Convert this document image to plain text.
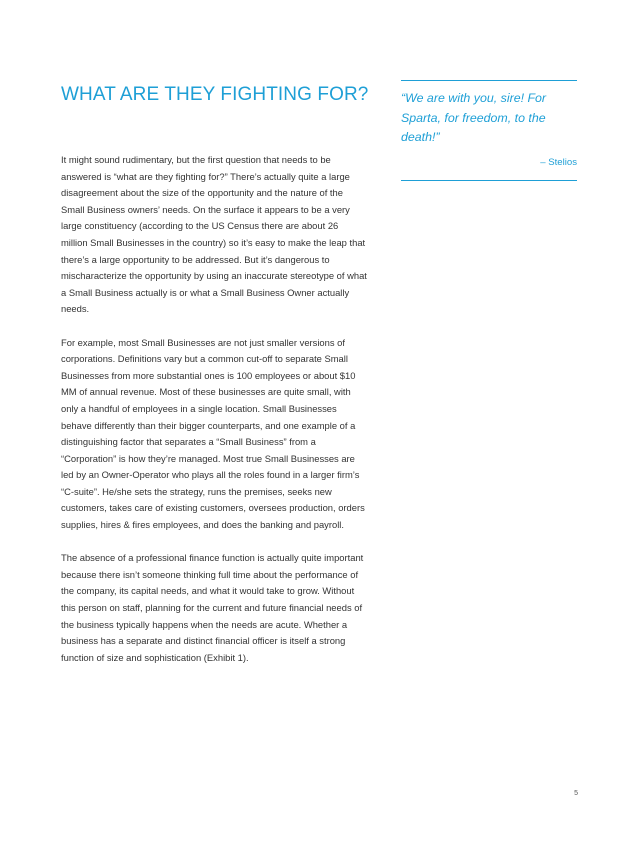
WHAT ARE THEY FIGHTING FOR?

It might sound rudimentary, but the first question that needs to be answered is “what are they fighting for?” There’s actually quite a large disagreement about the size of the opportunity and the nature of the Small Business owners’ needs. On the surface it appears to be a very large constituency (according to the US Census there are about 26 million Small Businesses in the country) so it’s easy to make the leap that there’s a large opportunity to be addressed. But it’s dangerous to mischaracterize the opportunity by using an inaccurate stereotype of what a Small Business actually is or what a Small Business Owner actually needs.

For example, most Small Businesses are not just smaller versions of corporations. Definitions vary but a common cut-off to separate Small Businesses from more substantial ones is 100 employees or about $10 MM of annual revenue. Most of these businesses are quite small, with only a handful of employees in a single location. Small Businesses behave differently than their bigger counterparts, and one example of a distinguishing factor that separates a “Small Business” from a “Corporation” is how they’re managed. Most true Small Businesses are led by an Owner-Operator who plays all the roles found in a larger firm’s “C-suite”. He/she sets the strategy, runs the premises, seeks new customers, takes care of existing customers, oversees production, orders supplies, hires & fires employees, and does the banking and payroll.

The absence of a professional finance function is actually quite important because there isn’t someone thinking full time about the performance of the company, its capital needs, and what it would take to grow. Without this person on staff, planning for the current and future financial needs of the business typically happens when the needs are acute. Whether a business has a separate and distinct financial officer is itself a strong function of size and sophistication (Exhibit 1).

“We are with you, sire! For Sparta, for freedom, to the death!”

– Stelios
5
